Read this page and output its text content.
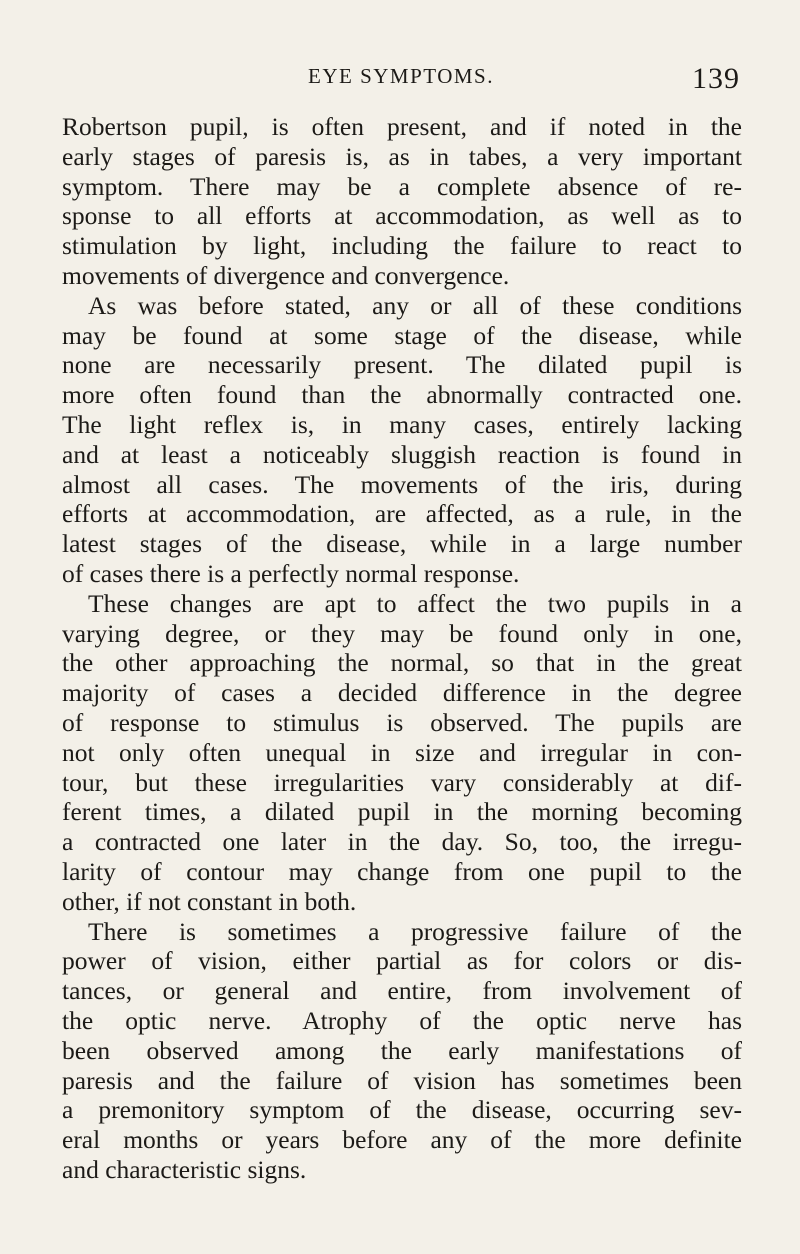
EYE SYMPTOMS.	139
Robertson pupil, is often present, and if noted in the
early stages of paresis is, as in tabes, a very important
symptom. There may be a complete absence of re-
sponse to all efforts at accommodation, as well as to
stimulation by light, including the failure to react to
movements of divergence and convergence.
As was before stated, any or all of these conditions
may be found at some stage of the disease, while
none are necessarily present. The dilated pupil is
more often found than the abnormally contracted one.
The light reflex is, in many cases, entirely lacking
and at least a noticeably sluggish reaction is found in
almost all cases. The movements of the iris, during
efforts at accommodation, are affected, as a rule, in the
latest stages of the disease, while in a large number
of cases there is a perfectly normal response.
These changes are apt to affect the two pupils in a
varying degree, or they may be found only in one,
the other approaching the normal, so that in the great
majority of cases a decided difference in the degree
of response to stimulus is observed. The pupils are
not only often unequal in size and irregular in con-
tour, but these irregularities vary considerably at dif-
ferent times, a dilated pupil in the morning becoming
a contracted one later in the day. So, too, the irregu-
larity of contour may change from one pupil to the
other, if not constant in both.
There is sometimes a progressive failure of the
power of vision, either partial as for colors or dis-
tances, or general and entire, from involvement of
the optic nerve. Atrophy of the optic nerve has
been observed among the early manifestations of
paresis and the failure of vision has sometimes been
a premonitory symptom of the disease, occurring sev-
eral months or years before any of the more definite
and characteristic signs.
